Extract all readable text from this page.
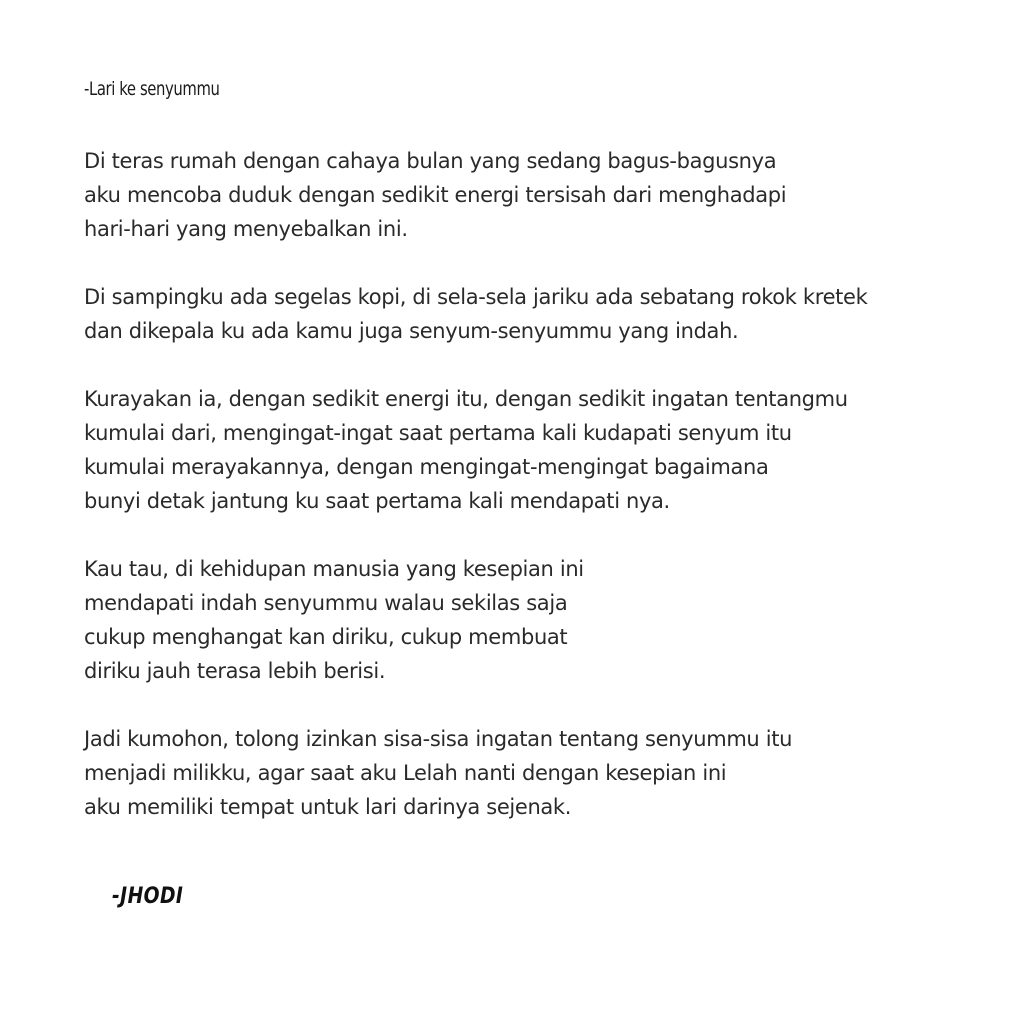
-Lari ke senyummu
Di teras rumah dengan cahaya bulan yang sedang bagus-bagusnya
aku mencoba duduk dengan sedikit energi tersisah dari menghadapi
hari-hari yang menyebalkan ini.
Di sampingku ada segelas kopi, di sela-sela jariku ada sebatang rokok kretek
dan dikepala ku ada kamu juga senyum-senyummu yang indah.
Kurayakan ia, dengan sedikit energi itu, dengan sedikit ingatan tentangmu
kumulai dari, mengingat-ingat saat pertama kali kudapati senyum itu
kumulai merayakannya, dengan mengingat-mengingat bagaimana
bunyi detak jantung ku saat pertama kali mendapati nya.
Kau tau, di kehidupan manusia yang kesepian ini
mendapati indah senyummu walau sekilas saja
cukup menghangat kan diriku, cukup membuat
diriku jauh terasa lebih berisi.
Jadi kumohon, tolong izinkan sisa-sisa ingatan tentang senyummu itu
menjadi milikku, agar saat aku Lelah nanti dengan kesepian ini
aku memiliki tempat untuk lari darinya sejenak.
-JHODI
